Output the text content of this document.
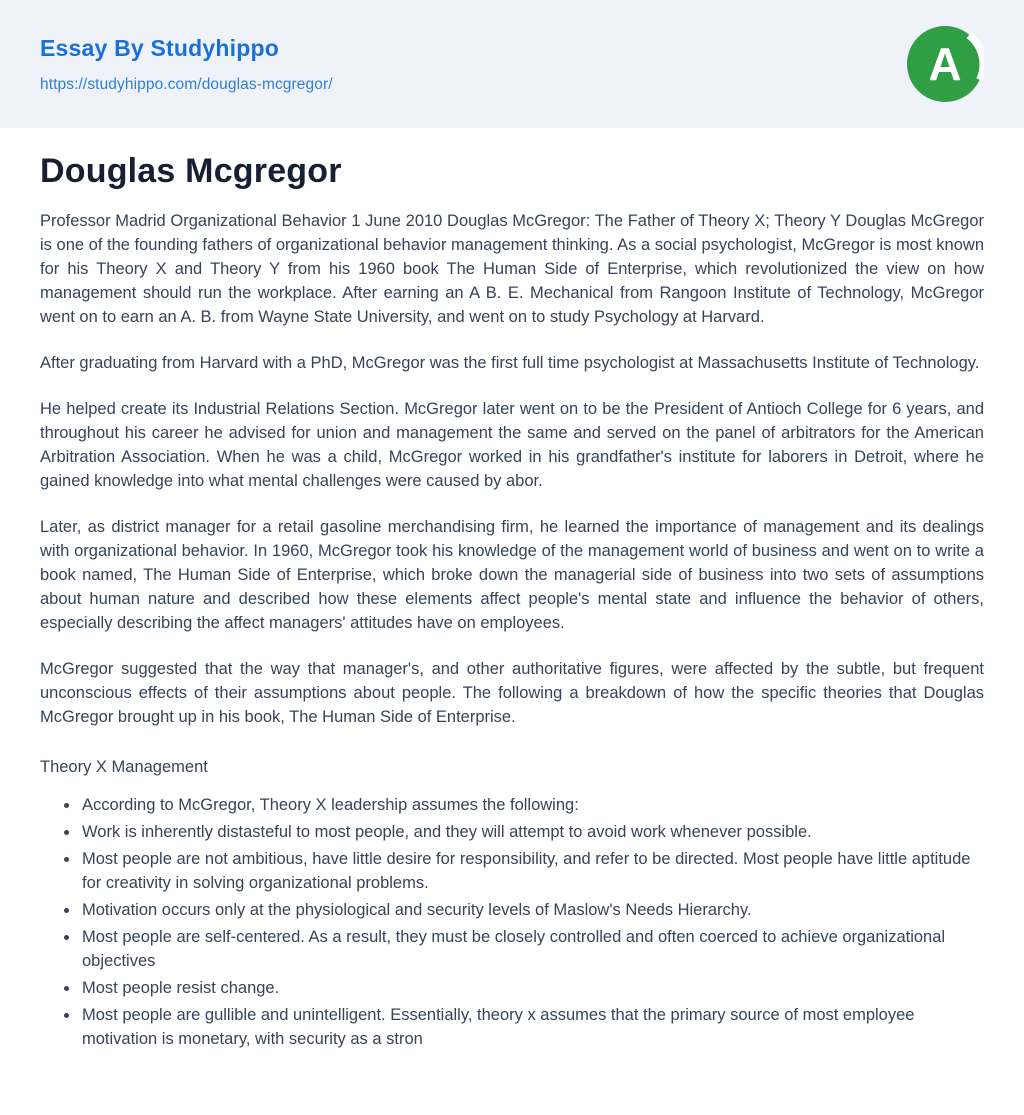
Essay By Studyhippo
https://studyhippo.com/douglas-mcgregor/	A
Douglas Mcgregor

Professor Madrid Organizational Behavior 1 June 2010 Douglas McGregor: The Father of Theory X; Theory Y Douglas McGregor is one of the founding fathers of organizational behavior management thinking. As a social psychologist, McGregor is most known for his Theory X and Theory Y from his 1960 book The Human Side of Enterprise, which revolutionized the view on how management should run the workplace. After earning an A B. E. Mechanical from Rangoon Institute of Technology, McGregor went on to earn an A. B. from Wayne State University, and went on to study Psychology at Harvard.

After graduating from Harvard with a PhD, McGregor was the first full time psychologist at Massachusetts Institute of Technology.

He helped create its Industrial Relations Section. McGregor later went on to be the President of Antioch College for 6 years, and throughout his career he advised for union and management the same and served on the panel of arbitrators for the American Arbitration Association. When he was a child, McGregor worked in his grandfather's institute for laborers in Detroit, where he gained knowledge into what mental challenges were caused by abor.

Later, as district manager for a retail gasoline merchandising firm, he learned the importance of management and its dealings with organizational behavior. In 1960, McGregor took his knowledge of the management world of business and went on to write a book named, The Human Side of Enterprise, which broke down the managerial side of business into two sets of assumptions about human nature and described how these elements affect people's mental state and influence the behavior of others, especially describing the affect managers' attitudes have on employees.

McGregor suggested that the way that manager's, and other authoritative figures, were affected by the subtle, but frequent unconscious effects of their assumptions about people. The following a breakdown of how the specific theories that Douglas McGregor brought up in his book, The Human Side of Enterprise.

Theory X Management

• According to McGregor, Theory X leadership assumes the following:
• Work is inherently distasteful to most people, and they will attempt to avoid work whenever possible.
• Most people are not ambitious, have little desire for responsibility, and refer to be directed. Most people have little aptitude for creativity in solving organizational problems.
• Motivation occurs only at the physiological and security levels of Maslow's Needs Hierarchy.
• Most people are self-centered. As a result, they must be closely controlled and often coerced to achieve organizational objectives
• Most people resist change.
• Most people are gullible and unintelligent. Essentially, theory x assumes that the primary source of most employee motivation is monetary, with security as a stron
